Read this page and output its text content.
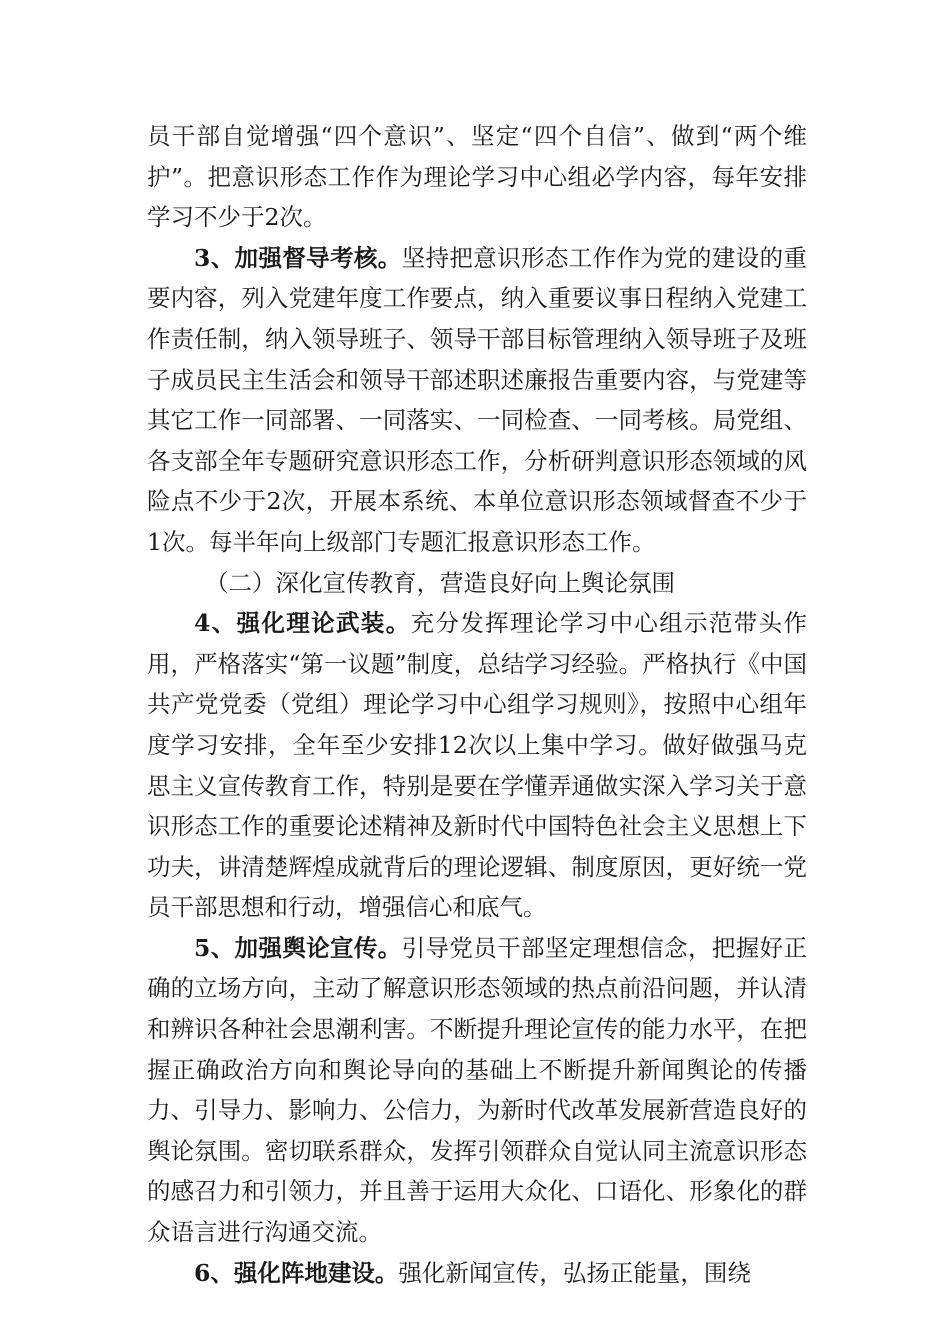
员干部自觉增强“四个意识”、坚定“四个自信”、做到“两个维护”。把意识形态工作作为理论学习中心组必学内容，每年安排学习不少于2次。

3、加强督导考核。坚持把意识形态工作作为党的建设的重要内容，列入党建年度工作要点，纳入重要议事日程纳入党建工作责任制，纳入领导班子、领导干部目标管理纳入领导班子及班子成员民主生活会和领导干部述职述廉报告重要内容，与党建等其它工作一同部署、一同落实、一同检查、一同考核。局党组、各支部全年专题研究意识形态工作，分析研判意识形态领域的风险点不少于2次，开展本系统、本单位意识形态领域督查不少于1次。每半年向上级部门专题汇报意识形态工作。

（二）深化宣传教育，营造良好向上舆论氛围

4、强化理论武装。充分发挥理论学习中心组示范带头作用，严格落实“第一议题”制度，总结学习经验。严格执行《中国共产党党委（党组）理论学习中心组学习规则》，按照中心组年度学习安排，全年至少安排12次以上集中学习。做好做强马克思主义宣传教育工作，特别是要在学懂弄通做实深入学习关于意识形态工作的重要论述精神及新时代中国特色社会主义思想上下功夫，讲清楚辉煌成就背后的理论逻辑、制度原因，更好统一党员干部思想和行动，增强信心和底气。

5、加强舆论宣传。引导党员干部坚定理想信念，把握好正确的立场方向，主动了解意识形态领域的热点前沿问题，并认清和辨识各种社会思潮利害。不断提升理论宣传的能力水平，在把握正确政治方向和舆论导向的基础上不断提升新闻舆论的传播力、引导力、影响力、公信力，为新时代改革发展新营造良好的舆论氛围。密切联系群众，发挥引领群众自觉认同主流意识形态的感召力和引领力，并且善于运用大众化、口语化、形象化的群众语言进行沟通交流。

6、强化阵地建设。强化新闻宣传，弘扬正能量，围绕
